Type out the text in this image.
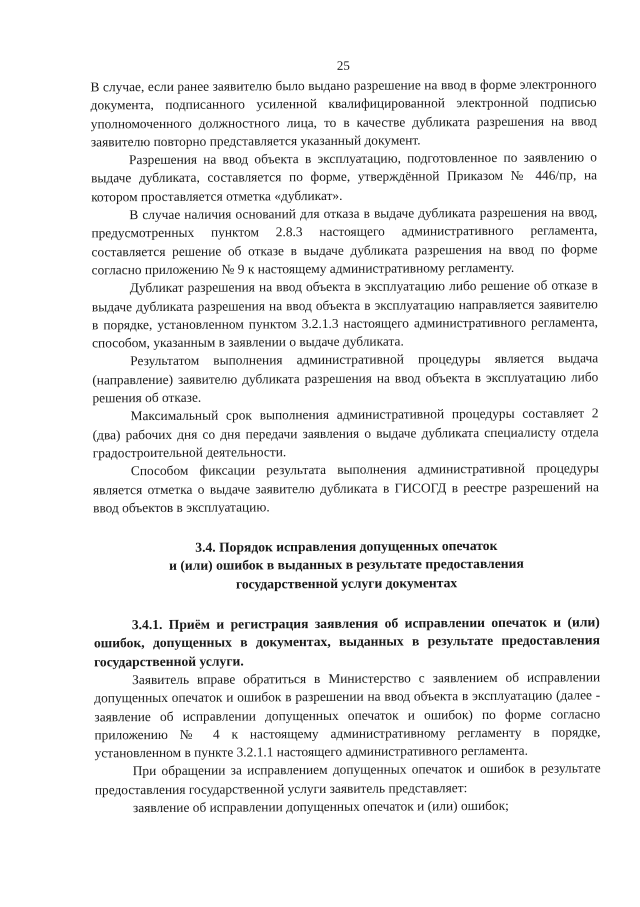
25

В случае, если ранее заявителю было выдано разрешение на ввод в форме электронного документа, подписанного усиленной квалифицированной электронной подписью уполномоченного должностного лица, то в качестве дубликата разрешения на ввод заявителю повторно представляется указанный документ.

Разрешения на ввод объекта в эксплуатацию, подготовленное по заявлению о выдаче дубликата, составляется по форме, утверждённой Приказом № 446/пр, на котором проставляется отметка «дубликат».

В случае наличия оснований для отказа в выдаче дубликата разрешения на ввод, предусмотренных пунктом 2.8.3 настоящего административного регламента, составляется решение об отказе в выдаче дубликата разрешения на ввод по форме согласно приложению № 9 к настоящему административному регламенту.

Дубликат разрешения на ввод объекта в эксплуатацию либо решение об отказе в выдаче дубликата разрешения на ввод объекта в эксплуатацию направляется заявителю в порядке, установленном пунктом 3.2.1.3 настоящего административного регламента, способом, указанным в заявлении о выдаче дубликата.

Результатом выполнения административной процедуры является выдача (направление) заявителю дубликата разрешения на ввод объекта в эксплуатацию либо решения об отказе.

Максимальный срок выполнения административной процедуры составляет 2 (два) рабочих дня со дня передачи заявления о выдаче дубликата специалисту отдела градостроительной деятельности.

Способом фиксации результата выполнения административной процедуры является отметка о выдаче заявителю дубликата в ГИСОГД в реестре разрешений на ввод объектов в эксплуатацию.

3.4. Порядок исправления допущенных опечаток
и (или) ошибок в выданных в результате предоставления
государственной услуги документах

3.4.1. Приём и регистрация заявления об исправлении опечаток и (или) ошибок, допущенных в документах, выданных в результате предоставления государственной услуги.

Заявитель вправе обратиться в Министерство с заявлением об исправлении допущенных опечаток и ошибок в разрешении на ввод объекта в эксплуатацию (далее - заявление об исправлении допущенных опечаток и ошибок) по форме согласно приложению № 4 к настоящему административному регламенту в порядке, установленном в пункте 3.2.1.1 настоящего административного регламента.

При обращении за исправлением допущенных опечаток и ошибок в результате предоставления государственной услуги заявитель представляет:

заявление об исправлении допущенных опечаток и (или) ошибок;
